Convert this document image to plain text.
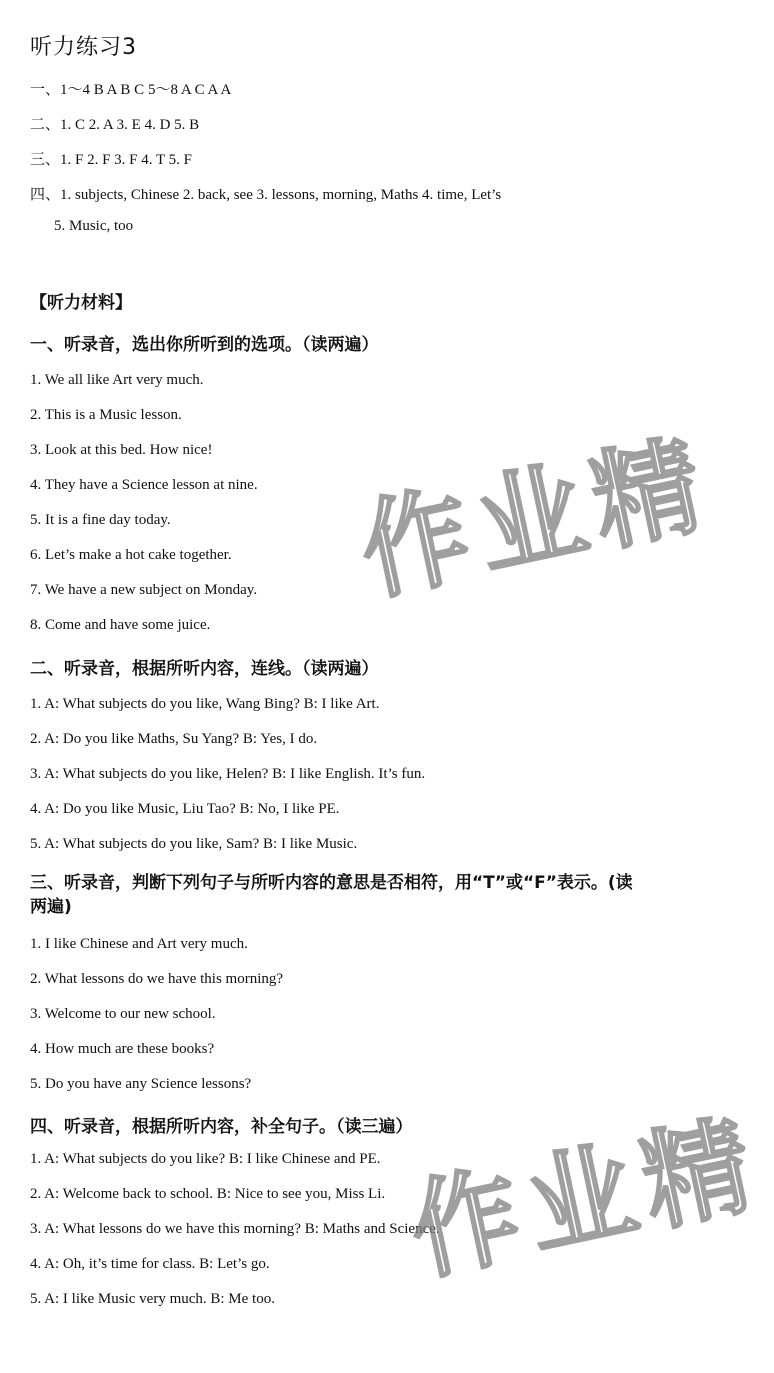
听力练习3
一、1～4 B A B C 5～8 A C A A
二、1. C 2. A 3. E 4. D 5. B
三、1. F 2. F 3. F 4. T 5. F
四、1. subjects, Chinese 2. back, see 3. lessons, morning, Maths 4. time, Let’s
5. Music, too
【听力材料】
一、听录音，选出你所听到的选项。（读两遍）
1. We all like Art very much.
2. This is a Music lesson.
3. Look at this bed. How nice!
4. They have a Science lesson at nine.
5. It is a fine day today.
6. Let’s make a hot cake together.
7. We have a new subject on Monday.
8. Come and have some juice.
二、听录音，根据所听内容，连线。（读两遍）
1. A: What subjects do you like, Wang Bing? B: I like Art.
2. A: Do you like Maths, Su Yang? B: Yes, I do.
3. A: What subjects do you like, Helen? B: I like English. It’s fun.
4. A: Do you like Music, Liu Tao? B: No, I like PE.
5. A: What subjects do you like, Sam? B: I like Music.
三、听录音，判断下列句子与所听内容的意思是否相符，用“T”或“F”表示。(读两遍)
1. I like Chinese and Art very much.
2. What lessons do we have this morning?
3. Welcome to our new school.
4. How much are these books?
5. Do you have any Science lessons?
四、听录音，根据所听内容，补全句子。（读三遍）
1. A: What subjects do you like? B: I like Chinese and PE.
2. A: Welcome back to school. B: Nice to see you, Miss Li.
3. A: What lessons do we have this morning? B: Maths and Science.
4. A: Oh, it’s time for class. B: Let’s go.
5. A: I like Music very much. B: Me too.
作业精
作业精
